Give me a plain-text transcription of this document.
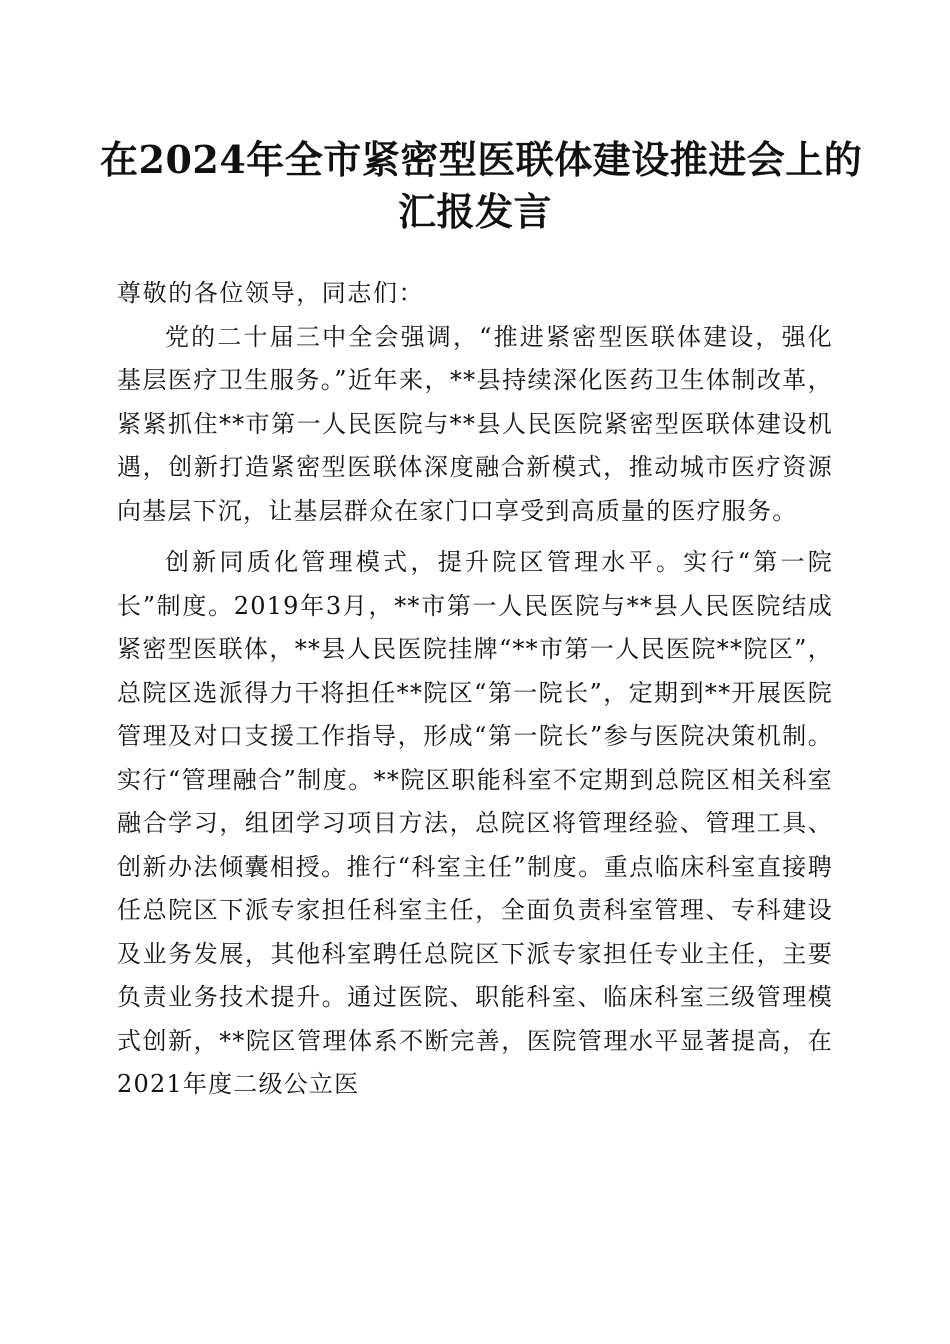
在2024年全市紧密型医联体建设推进会上的
汇报发言

尊敬的各位领导，同志们：

党的二十届三中全会强调，“推进紧密型医联体建设，强化基层医疗卫生服务。”近年来，**县持续深化医药卫生体制改革，紧紧抓住**市第一人民医院与**县人民医院紧密型医联体建设机遇，创新打造紧密型医联体深度融合新模式，推动城市医疗资源向基层下沉，让基层群众在家门口享受到高质量的医疗服务。

创新同质化管理模式，提升院区管理水平。实行“第一院长”制度。2019年3月，**市第一人民医院与**县人民医院结成紧密型医联体，**县人民医院挂牌“**市第一人民医院**院区”，总院区选派得力干将担任**院区“第一院长”，定期到**开展医院管理及对口支援工作指导，形成“第一院长”参与医院决策机制。实行“管理融合”制度。**院区职能科室不定期到总院区相关科室融合学习，组团学习项目方法，总院区将管理经验、管理工具、创新办法倾囊相授。推行“科室主任”制度。重点临床科室直接聘任总院区下派专家担任科室主任，全面负责科室管理、专科建设及业务发展，其他科室聘任总院区下派专家担任专业主任，主要负责业务技术提升。通过医院、职能科室、临床科室三级管理模式创新，**院区管理体系不断完善，医院管理水平显著提高，在2021年度二级公立医
